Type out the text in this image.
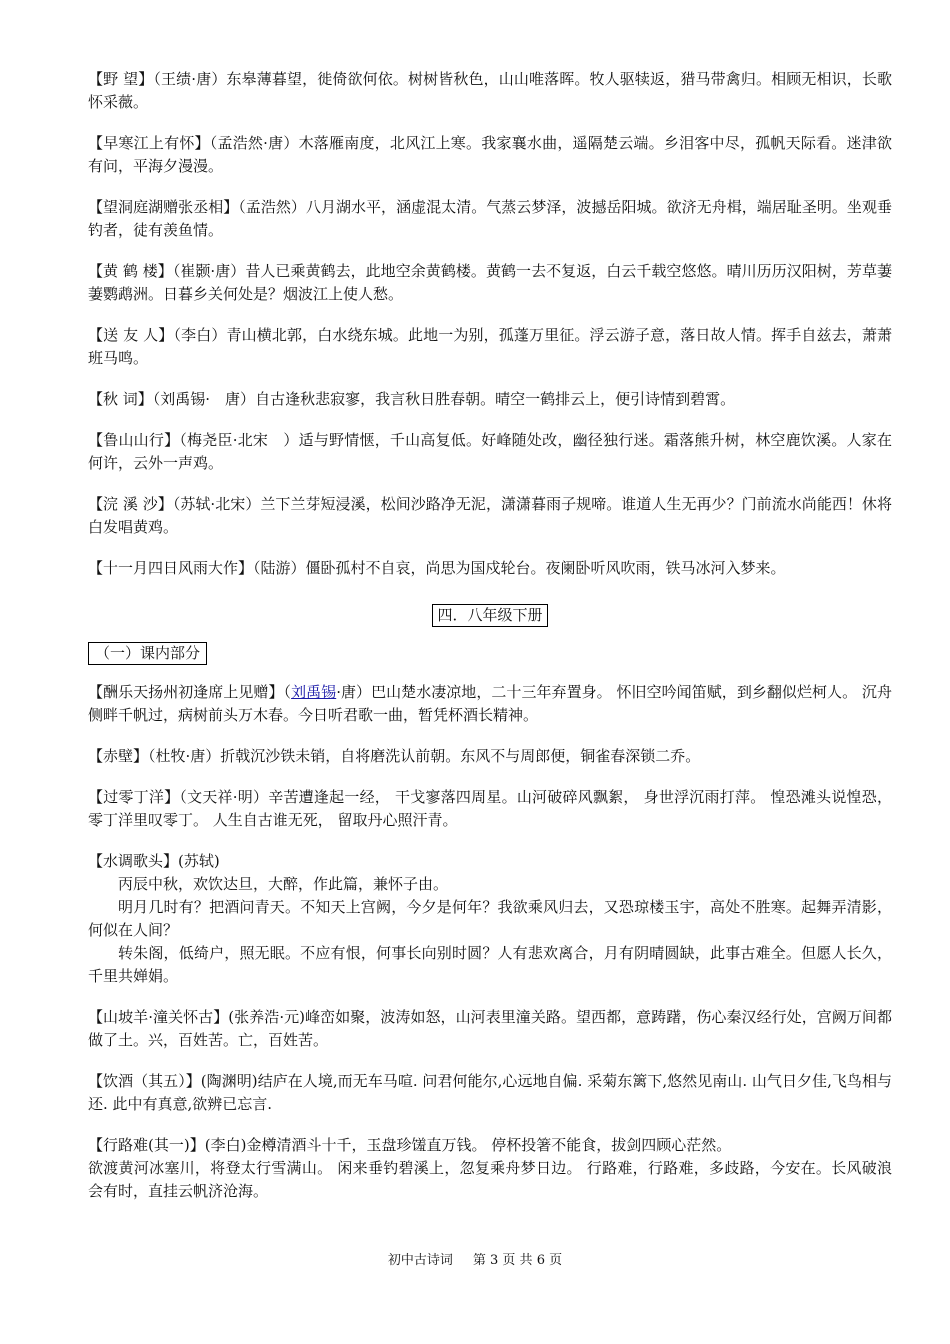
【野 望】（王绩·唐）东皋薄暮望，徙倚欲何依。树树皆秋色，山山唯落晖。牧人驱犊返，猎马带禽归。相顾无相识，长歌怀采薇。
【早寒江上有怀】（孟浩然·唐）木落雁南度，北风江上寒。我家襄水曲，遥隔楚云端。乡泪客中尽，孤帆天际看。迷津欲有问，平海夕漫漫。
【望洞庭湖赠张丞相】（孟浩然）八月湖水平，涵虚混太清。气蒸云梦泽，波撼岳阳城。欲济无舟楫，端居耻圣明。坐观垂钓者，徒有羡鱼情。
【黄 鹤 楼】（崔颢·唐）昔人已乘黄鹤去，此地空余黄鹤楼。黄鹤一去不复返，白云千载空悠悠。晴川历历汉阳树，芳草萋萋鹦鹉洲。日暮乡关何处是？烟波江上使人愁。
【送 友 人】（李白）青山横北郭，白水绕东城。此地一为别，孤蓬万里征。浮云游子意，落日故人情。挥手自兹去，萧萧班马鸣。
【秋 词】（刘禹锡·　唐）自古逢秋悲寂寥，我言秋日胜春朝。晴空一鹤排云上，便引诗情到碧霄。
【鲁山山行】（梅尧臣·北宋　）适与野情惬，千山高复低。好峰随处改，幽径独行迷。霜落熊升树，林空鹿饮溪。人家在何许，云外一声鸡。
【浣 溪 沙】（苏轼·北宋）兰下兰芽短浸溪，松间沙路净无泥，潇潇暮雨子规啼。谁道人生无再少？门前流水尚能西！休将白发唱黄鸡。
【十一月四日风雨大作】（陆游）僵卧孤村不自哀，尚思为国戍轮台。夜阑卧听风吹雨，铁马冰河入梦来。
四．八年级下册
（一）课内部分
【酬乐天扬州初逢席上见赠】（刘禹锡·唐）巴山楚水凄凉地，二十三年弃置身。 怀旧空吟闻笛赋，到乡翻似烂柯人。 沉舟侧畔千帆过，病树前头万木春。今日听君歌一曲，暂凭杯酒长精神。
【赤壁】（杜牧·唐）折戟沉沙铁未销，自将磨洗认前朝。东风不与周郎便，铜雀春深锁二乔。
【过零丁洋】（文天祥·明）辛苦遭逢起一经， 干戈寥落四周星。山河破碎风飘絮， 身世浮沉雨打萍。 惶恐滩头说惶恐， 零丁洋里叹零丁。 人生自古谁无死， 留取丹心照汗青。

【水调歌头】(苏轼)

丙辰中秋，欢饮达旦，大醉，作此篇，兼怀子由。

明月几时有？把酒问青天。不知天上宫阙，今夕是何年？我欲乘风归去，又恐琼楼玉宇，高处不胜寒。起舞弄清影，何似在人间？

转朱阁，低绮户，照无眠。不应有恨，何事长向别时圆？人有悲欢离合，月有阴晴圆缺，此事古难全。但愿人长久，千里共婵娟。

【山坡羊·潼关怀古】(张养浩·元)峰峦如聚，波涛如怒，山河表里潼关路。望西都，意踌躇，伤心秦汉经行处，宫阙万间都做了土。兴，百姓苦。亡，百姓苦。
【饮酒（其五）】(陶渊明)结庐在人境,而无车马喧. 问君何能尔,心远地自偏. 采菊东篱下,悠然见南山. 山气日夕佳,飞鸟相与还. 此中有真意,欲辨已忘言.

【行路难(其一)】(李白)金樽清酒斗十千，玉盘珍馐直万钱。 停杯投箸不能食，拔剑四顾心茫然。

欲渡黄河冰塞川，将登太行雪满山。 闲来垂钓碧溪上，忽复乘舟梦日边。 行路难，行路难，多歧路，今安在。长风破浪会有时，直挂云帆济沧海。

初中古诗词 第 3 页 共 6 页
